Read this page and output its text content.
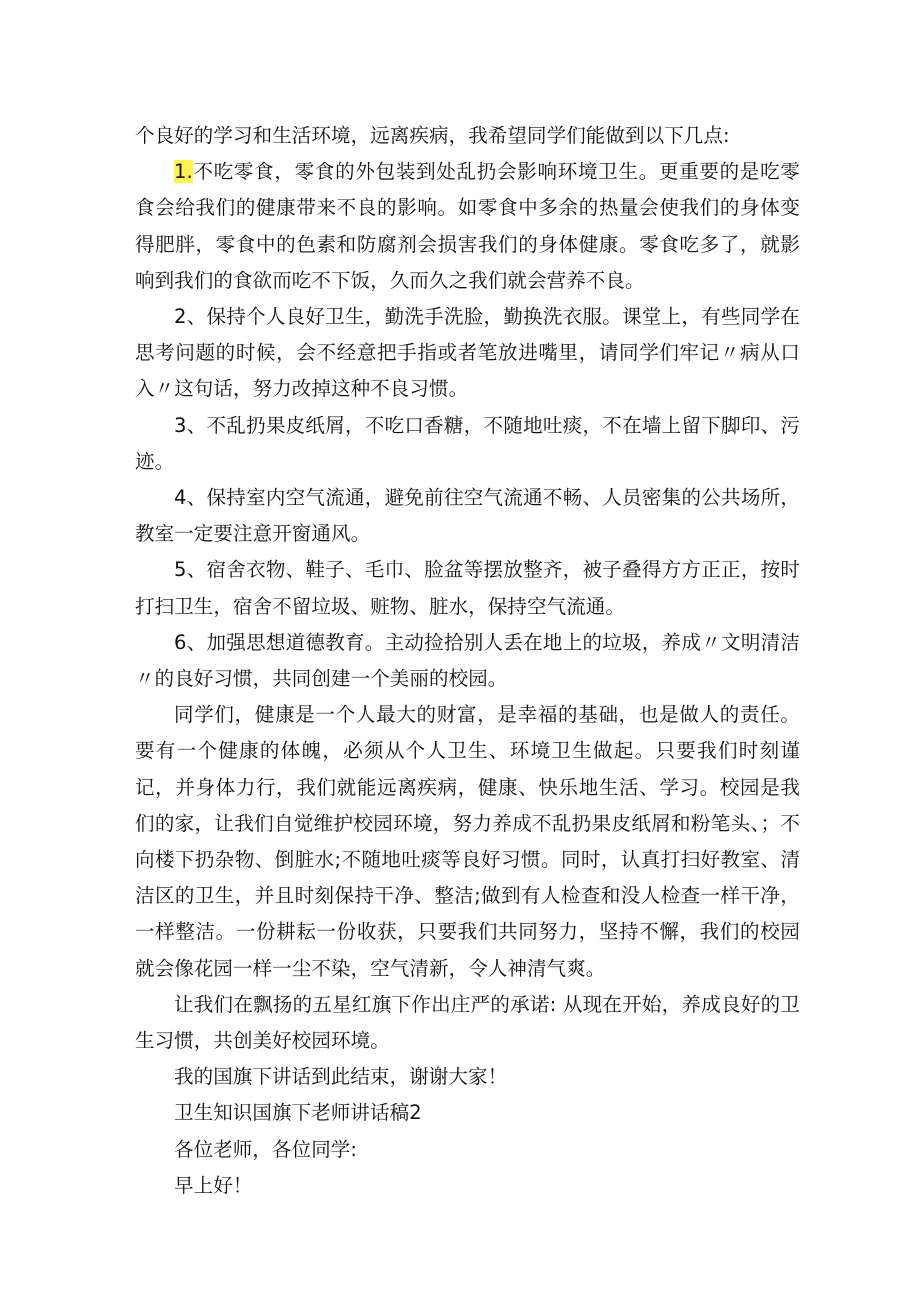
个良好的学习和生活环境，远离疾病，我希望同学们能做到以下几点:

1.不吃零食，零食的外包装到处乱扔会影响环境卫生。更重要的是吃零食会给我们的健康带来不良的影响。如零食中多余的热量会使我们的身体变得肥胖，零食中的色素和防腐剂会损害我们的身体健康。零食吃多了，就影响到我们的食欲而吃不下饭，久而久之我们就会营养不良。

2、保持个人良好卫生，勤洗手洗脸，勤换洗衣服。课堂上，有些同学在思考问题的时候，会不经意把手指或者笔放进嘴里，请同学们牢记〃病从口入〃这句话，努力改掉这种不良习惯。

3、不乱扔果皮纸屑，不吃口香糖，不随地吐痰，不在墙上留下脚印、污迹。

4、保持室内空气流通，避免前往空气流通不畅、人员密集的公共场所，教室一定要注意开窗通风。

5、宿舍衣物、鞋子、毛巾、脸盆等摆放整齐，被子叠得方方正正，按时打扫卫生，宿舍不留垃圾、赃物、脏水，保持空气流通。

6、加强思想道德教育。主动捡拾别人丢在地上的垃圾，养成〃文明清洁〃的良好习惯，共同创建一个美丽的校园。

同学们，健康是一个人最大的财富，是幸福的基础，也是做人的责任。要有一个健康的体魄，必须从个人卫生、环境卫生做起。只要我们时刻谨记，并身体力行，我们就能远离疾病，健康、快乐地生活、学习。校园是我们的家，让我们自觉维护校园环境，努力养成不乱扔果皮纸屑和粉笔头、；不向楼下扔杂物、倒脏水;不随地吐痰等良好习惯。同时，认真打扫好教室、清洁区的卫生，并且时刻保持干净、整洁;做到有人检查和没人检查一样干净，一样整洁。一份耕耘一份收获，只要我们共同努力，坚持不懈，我们的校园就会像花园一样一尘不染，空气清新，令人神清气爽。

让我们在飘扬的五星红旗下作出庄严的承诺: 从现在开始，养成良好的卫生习惯，共创美好校园环境。

我的国旗下讲话到此结束，谢谢大家！

卫生知识国旗下老师讲话稿2

各位老师，各位同学:

早上好！
